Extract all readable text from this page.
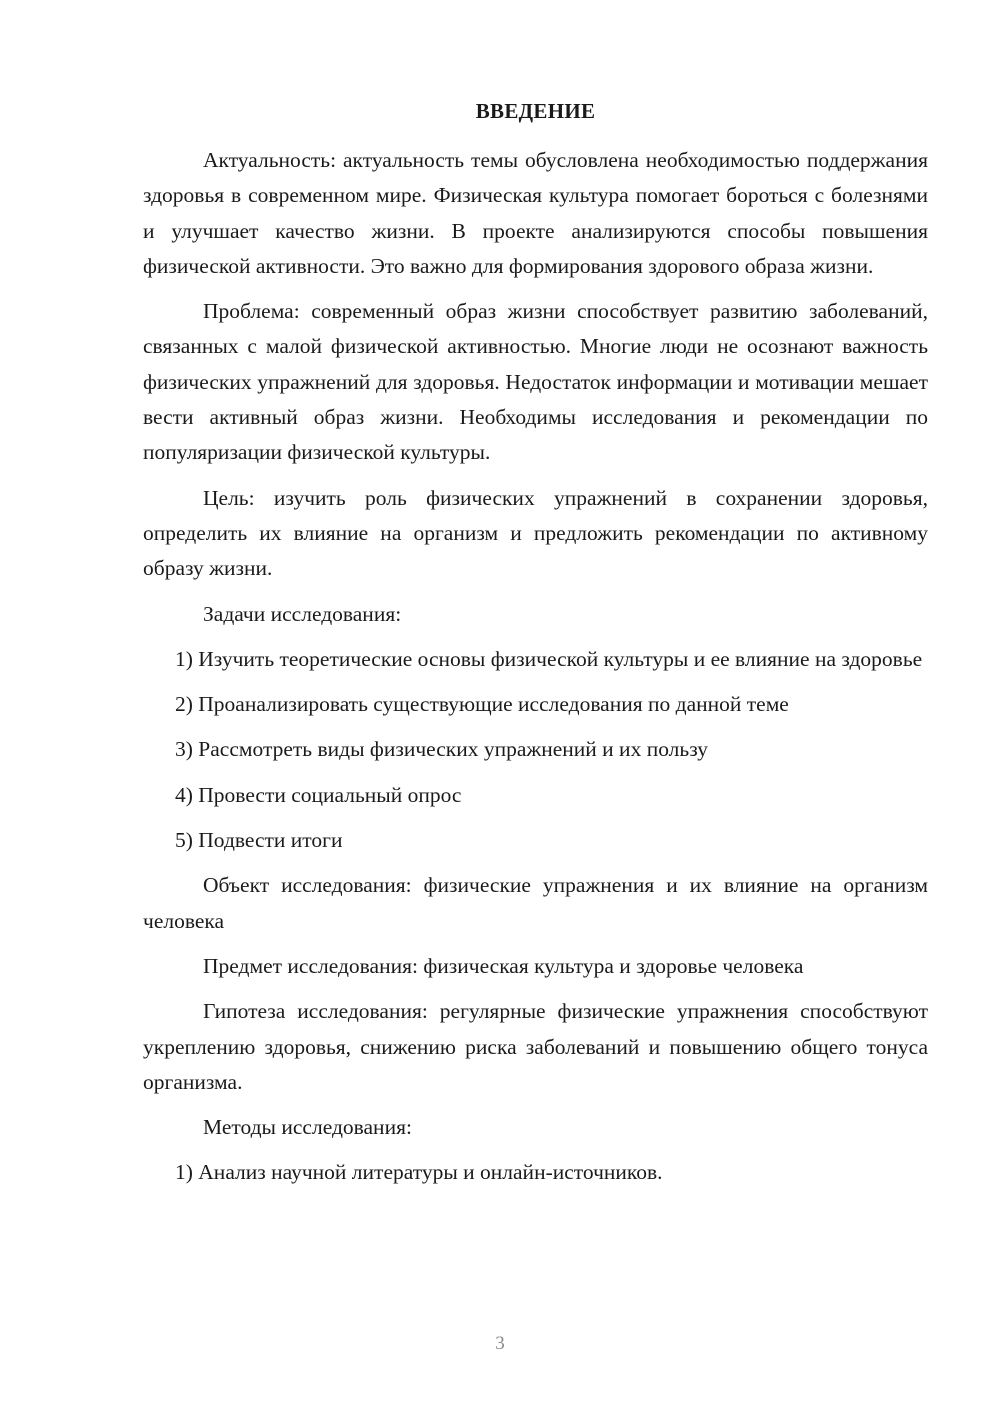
ВВЕДЕНИЕ

Актуальность: актуальность темы обусловлена необходимостью поддержания здоровья в современном мире. Физическая культура помогает бороться с болезнями и улучшает качество жизни. В проекте анализируются способы повышения физической активности. Это важно для формирования здорового образа жизни.

Проблема: современный образ жизни способствует развитию заболеваний, связанных с малой физической активностью. Многие люди не осознают важность физических упражнений для здоровья. Недостаток информации и мотивации мешает вести активный образ жизни. Необходимы исследования и рекомендации по популяризации физической культуры.

Цель: изучить роль физических упражнений в сохранении здоровья, определить их влияние на организм и предложить рекомендации по активному образу жизни.

Задачи исследования:

1) Изучить теоретические основы физической культуры и ее влияние на здоровье

2) Проанализировать существующие исследования по данной теме

3) Рассмотреть виды физических упражнений и их пользу

4) Провести социальный опрос

5) Подвести итоги

Объект исследования: физические упражнения и их влияние на организм человека

Предмет исследования: физическая культура и здоровье человека

Гипотеза исследования: регулярные физические упражнения способствуют укреплению здоровья, снижению риска заболеваний и повышению общего тонуса организма.

Методы исследования:

1) Анализ научной литературы и онлайн-источников.

3
